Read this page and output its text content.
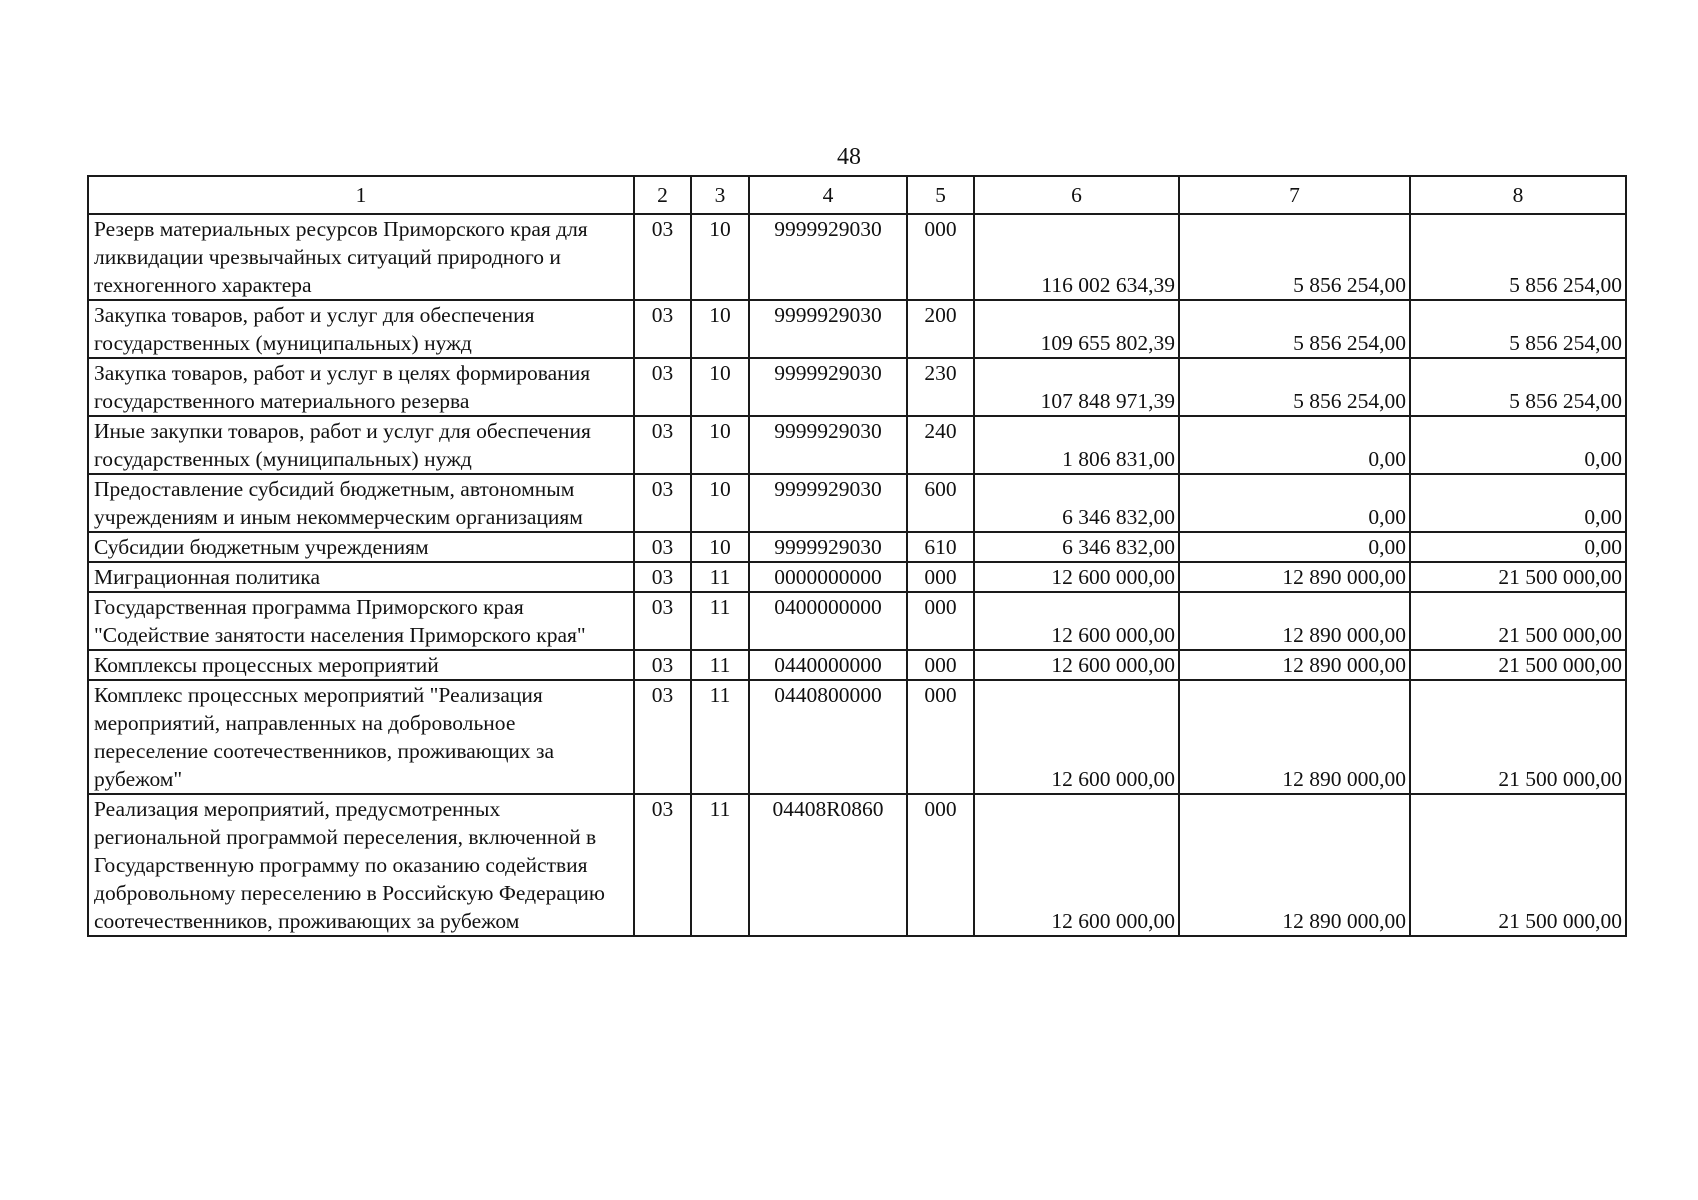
48
1	2	3	4	5	6	7	8
Резерв материальных ресурсов Приморского края для ликвидации чрезвычайных ситуаций природного и техногенного характера	03	10	9999929030	000	116 002 634,39	5 856 254,00	5 856 254,00
Закупка товаров, работ и услуг для обеспечения государственных (муниципальных) нужд	03	10	9999929030	200	109 655 802,39	5 856 254,00	5 856 254,00
Закупка товаров, работ и услуг в целях формирования государственного материального резерва	03	10	9999929030	230	107 848 971,39	5 856 254,00	5 856 254,00
Иные закупки товаров, работ и услуг для обеспечения государственных (муниципальных) нужд	03	10	9999929030	240	1 806 831,00	0,00	0,00
Предоставление субсидий бюджетным, автономным учреждениям и иным некоммерческим организациям	03	10	9999929030	600	6 346 832,00	0,00	0,00
Субсидии бюджетным учреждениям	03	10	9999929030	610	6 346 832,00	0,00	0,00
Миграционная политика	03	11	0000000000	000	12 600 000,00	12 890 000,00	21 500 000,00
Государственная программа Приморского края "Содействие занятости населения Приморского края"	03	11	0400000000	000	12 600 000,00	12 890 000,00	21 500 000,00
Комплексы процессных мероприятий	03	11	0440000000	000	12 600 000,00	12 890 000,00	21 500 000,00
Комплекс процессных мероприятий "Реализация мероприятий, направленных на добровольное переселение соотечественников, проживающих за рубежом"	03	11	0440800000	000	12 600 000,00	12 890 000,00	21 500 000,00
Реализация мероприятий, предусмотренных региональной программой переселения, включенной в Государственную программу по оказанию содействия добровольному переселению в Российскую Федерацию соотечественников, проживающих за рубежом	03	11	04408R0860	000	12 600 000,00	12 890 000,00	21 500 000,00
